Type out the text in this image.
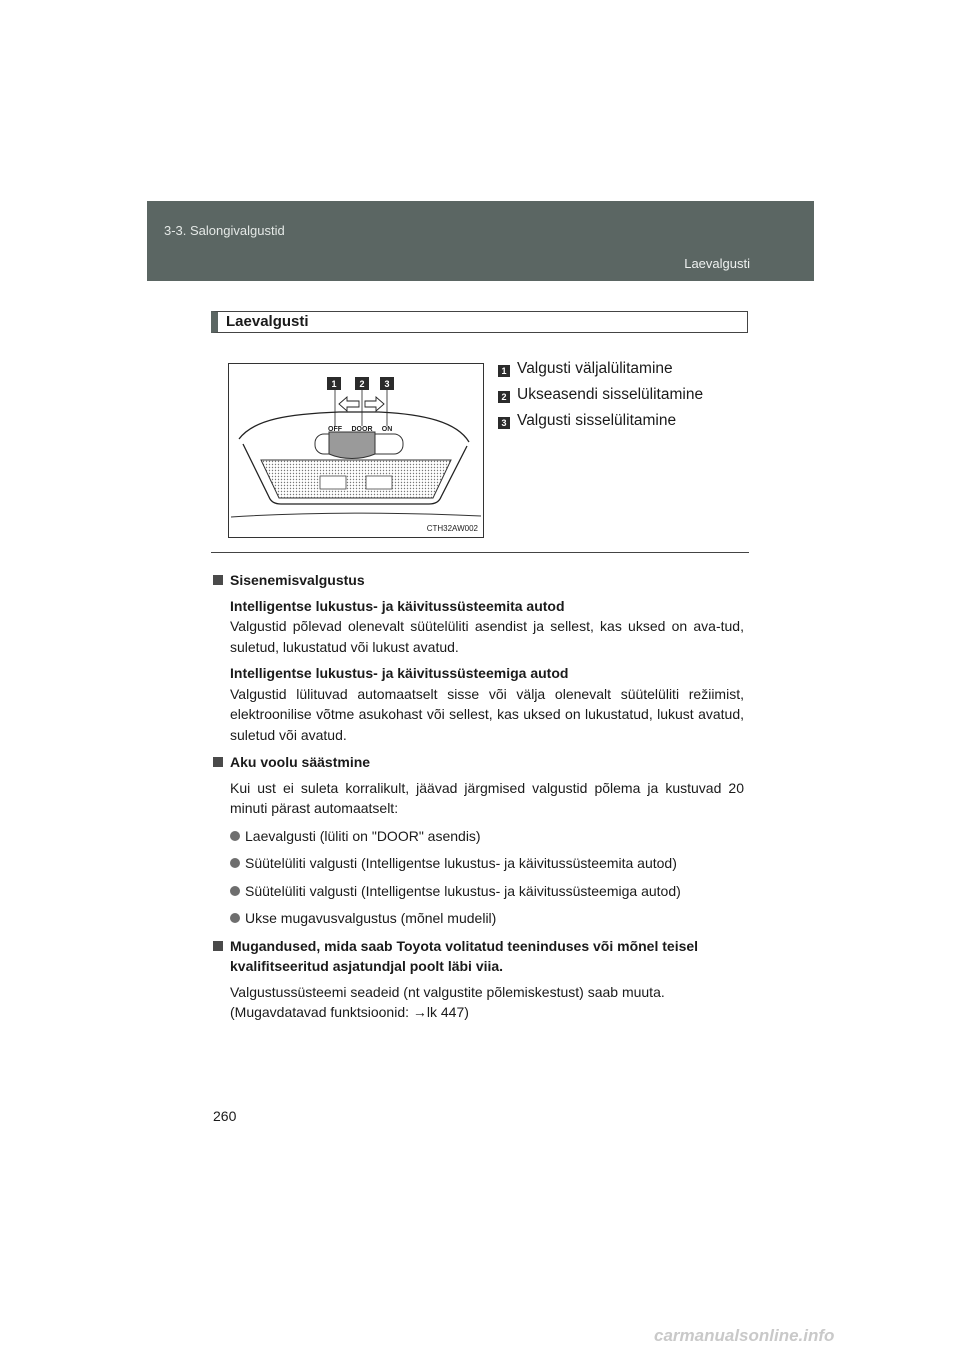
3-3. Salongivalgustid
Laevalgusti
Laevalgusti
1	2 3
OFF DOOR ON
CTH32AW002
1 Valgusti väljalülitamine
2 Ukseasendi sisselülitamine
3 Valgusti sisselülitamine
Sisenemisvalgustus
Intelligentse lukustus- ja käivitussüsteemita autod

Valgustid põlevad olenevalt süütelüliti asendist ja sellest, kas uksed on ava-tud, suletud, lukustatud või lukust avatud.

Intelligentse lukustus- ja käivitussüsteemiga autod

Valgustid lülituvad automaatselt sisse või välja olenevalt süütelüliti režiimist, elektroonilise võtme asukohast või sellest, kas uksed on lukustatud, lukust avatud, suletud või avatud.

Aku voolu säästmine

Kui ust ei suleta korralikult, jäävad järgmised valgustid põlema ja kustuvad 20 minuti pärast automaatselt:

Laevalgusti (lüliti on "DOOR" asendis)
Süütelüliti valgusti (Intelligentse lukustus- ja käivitussüsteemita autod)
Süütelüliti valgusti (Intelligentse lukustus- ja käivitussüsteemiga autod)
Ukse mugavusvalgustus (mõnel mudelil)
Mugandused, mida saab Toyota volitatud teeninduses või mõnel teisel kvalifitseeritud asjatundjal poolt läbi viia.

Valgustussüsteemi seadeid (nt valgustite põlemiskestust) saab muuta.

(Mugavdatavad funktsioonid: →lk 447)

260
carmanualsonline.info
